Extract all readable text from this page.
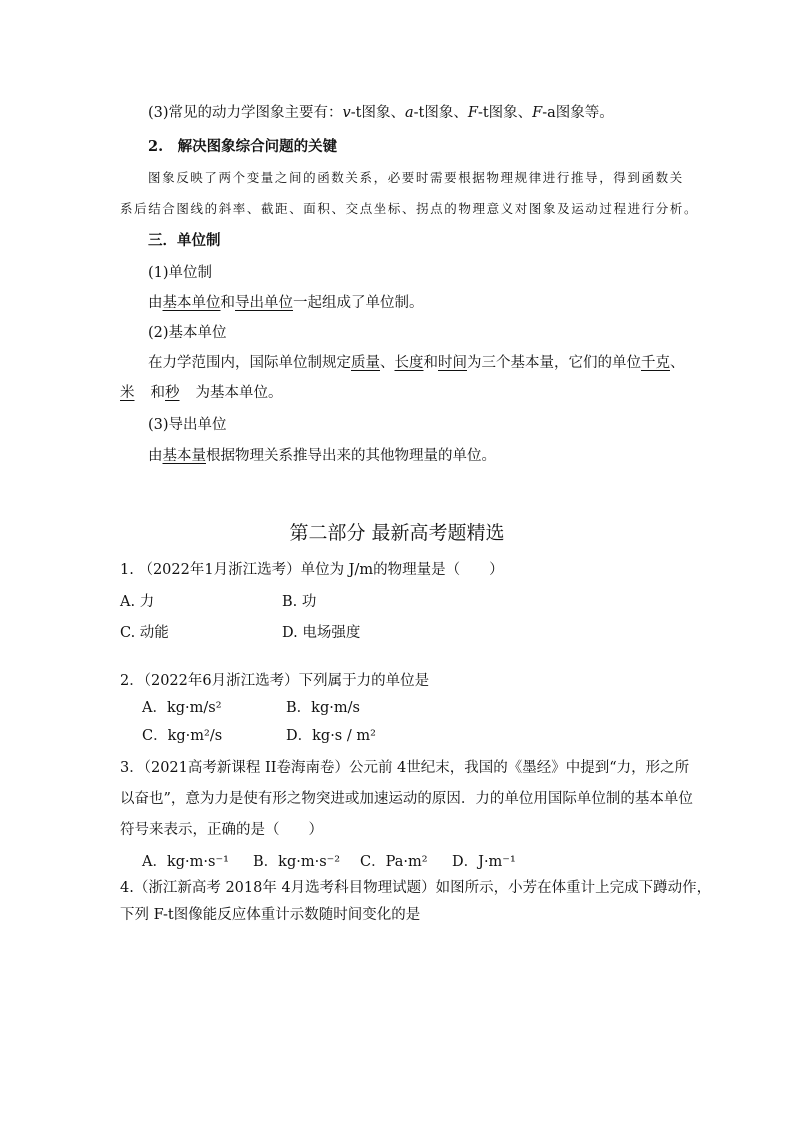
(3)常见的动力学图象主要有：v-t图象、a-t图象、F-t图象、F-a图象等。
2.　解决图象综合问题的关键
图象反映了两个变量之间的函数关系，必要时需要根据物理规律进行推导，得到函数关
系后结合图线的斜率、截距、面积、交点坐标、拐点的物理意义对图象及运动过程进行分析。
三．单位制
(1)单位制
由基本单位和导出单位一起组成了单位制。
(2)基本单位
在力学范围内，国际单位制规定质量、长度和时间为三个基本量，它们的单位千克、
米 和秒 为基本单位。
(3)导出单位
由基本量根据物理关系推导出来的其他物理量的单位。
第二部分 最新高考题精选
1. （2022年1月浙江选考）单位为 J/m的物理量是（　　）
A. 力	B. 功
C. 动能	D. 电场强度
2．（2022年6月浙江选考）下列属于力的单位是
A．kg·m/s²	B．kg·m/s
C．kg·m²/s	D．kg·s / m²
3．（2021高考新课程 II卷海南卷）公元前 4世纪末，我国的《墨经》中提到“力，形之所
以奋也”，意为力是使有形之物突进或加速运动的原因．力的单位用国际单位制的基本单位
符号来表示，正确的是（　　）
A．kg·m·s⁻¹ B．kg·m·s⁻² C．Pa·m² D．J·m⁻¹
4.（浙江新高考 2018年 4月选考科目物理试题）如图所示，小芳在体重计上完成下蹲动作，
下列 F-t图像能反应体重计示数随时间变化的是
